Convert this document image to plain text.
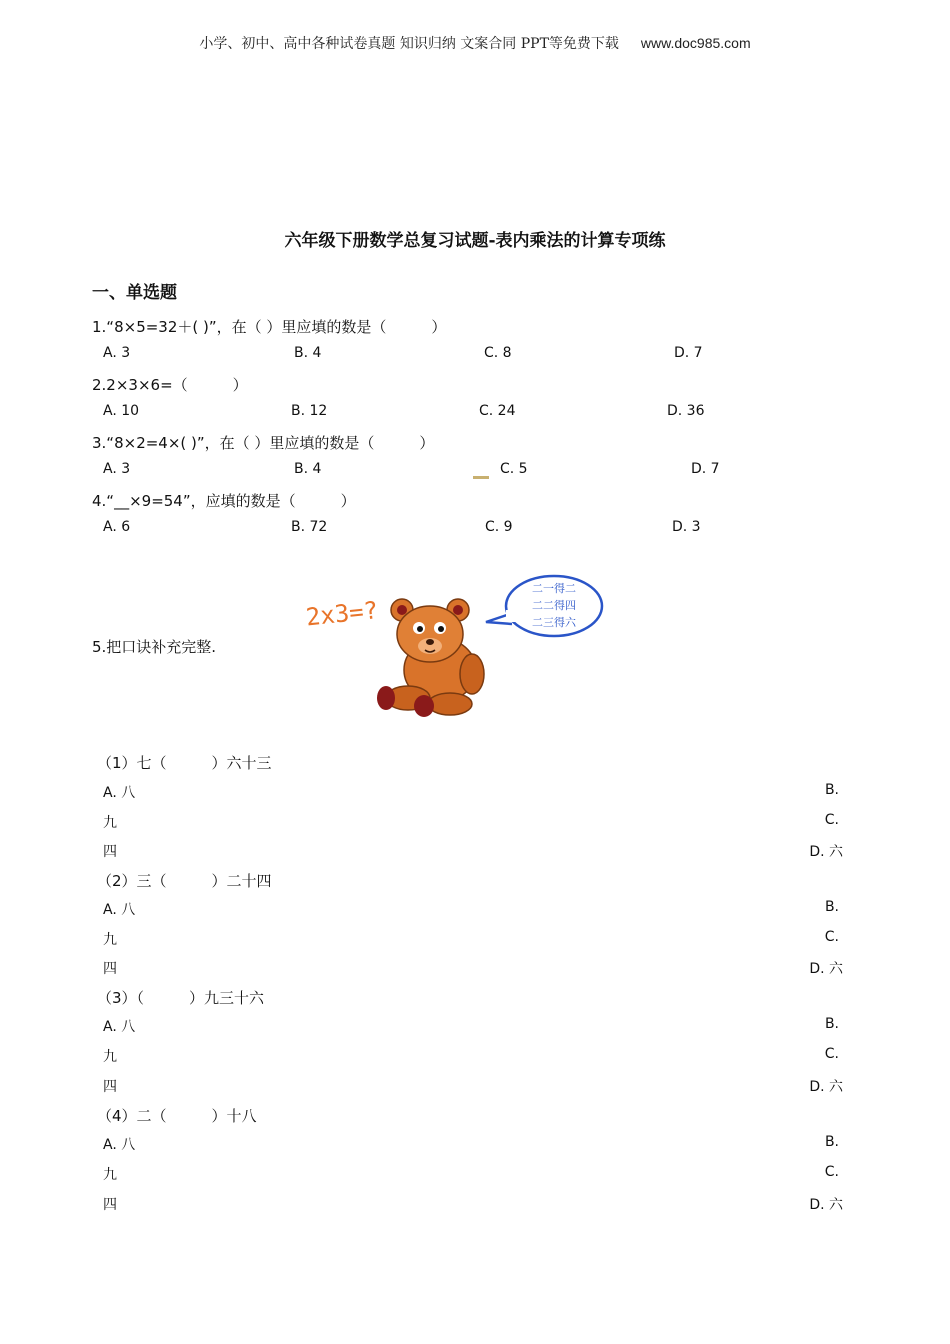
小学、初中、高中各种试卷真题 知识归纳 文案合同 PPT等免费下载 www.doc985.com
六年级下册数学总复习试题-表内乘法的计算专项练
一、单选题
1.“8×5=32＋( )”，在（ ）里应填的数是（　　　）
A. 3	B. 4	C. 8	D. 7
2.2×3×6=（　　　）
A. 10	B. 12	C. 24	D. 36
3.“8×2=4×( )”，在（ ）里应填的数是（　　　）
A. 3	B. 4	C. 5	D. 7
4.“__×9=54”，应填的数是（　　　）
A. 6	B. 72	C. 9	D. 3
5.把口诀补充完整.
2x3=?
二一得二
二二得四
二三得六
（1）七（　　　）六十三
A. 八	B.
九	C.
四	D. 六
（2）三（　　　）二十四
A. 八	B.
九	C.
四	D. 六
（3）（　　　）九三十六
A. 八	B.
九	C.
四	D. 六
（4）二（　　　）十八
A. 八	B.
九	C.
四	D. 六
